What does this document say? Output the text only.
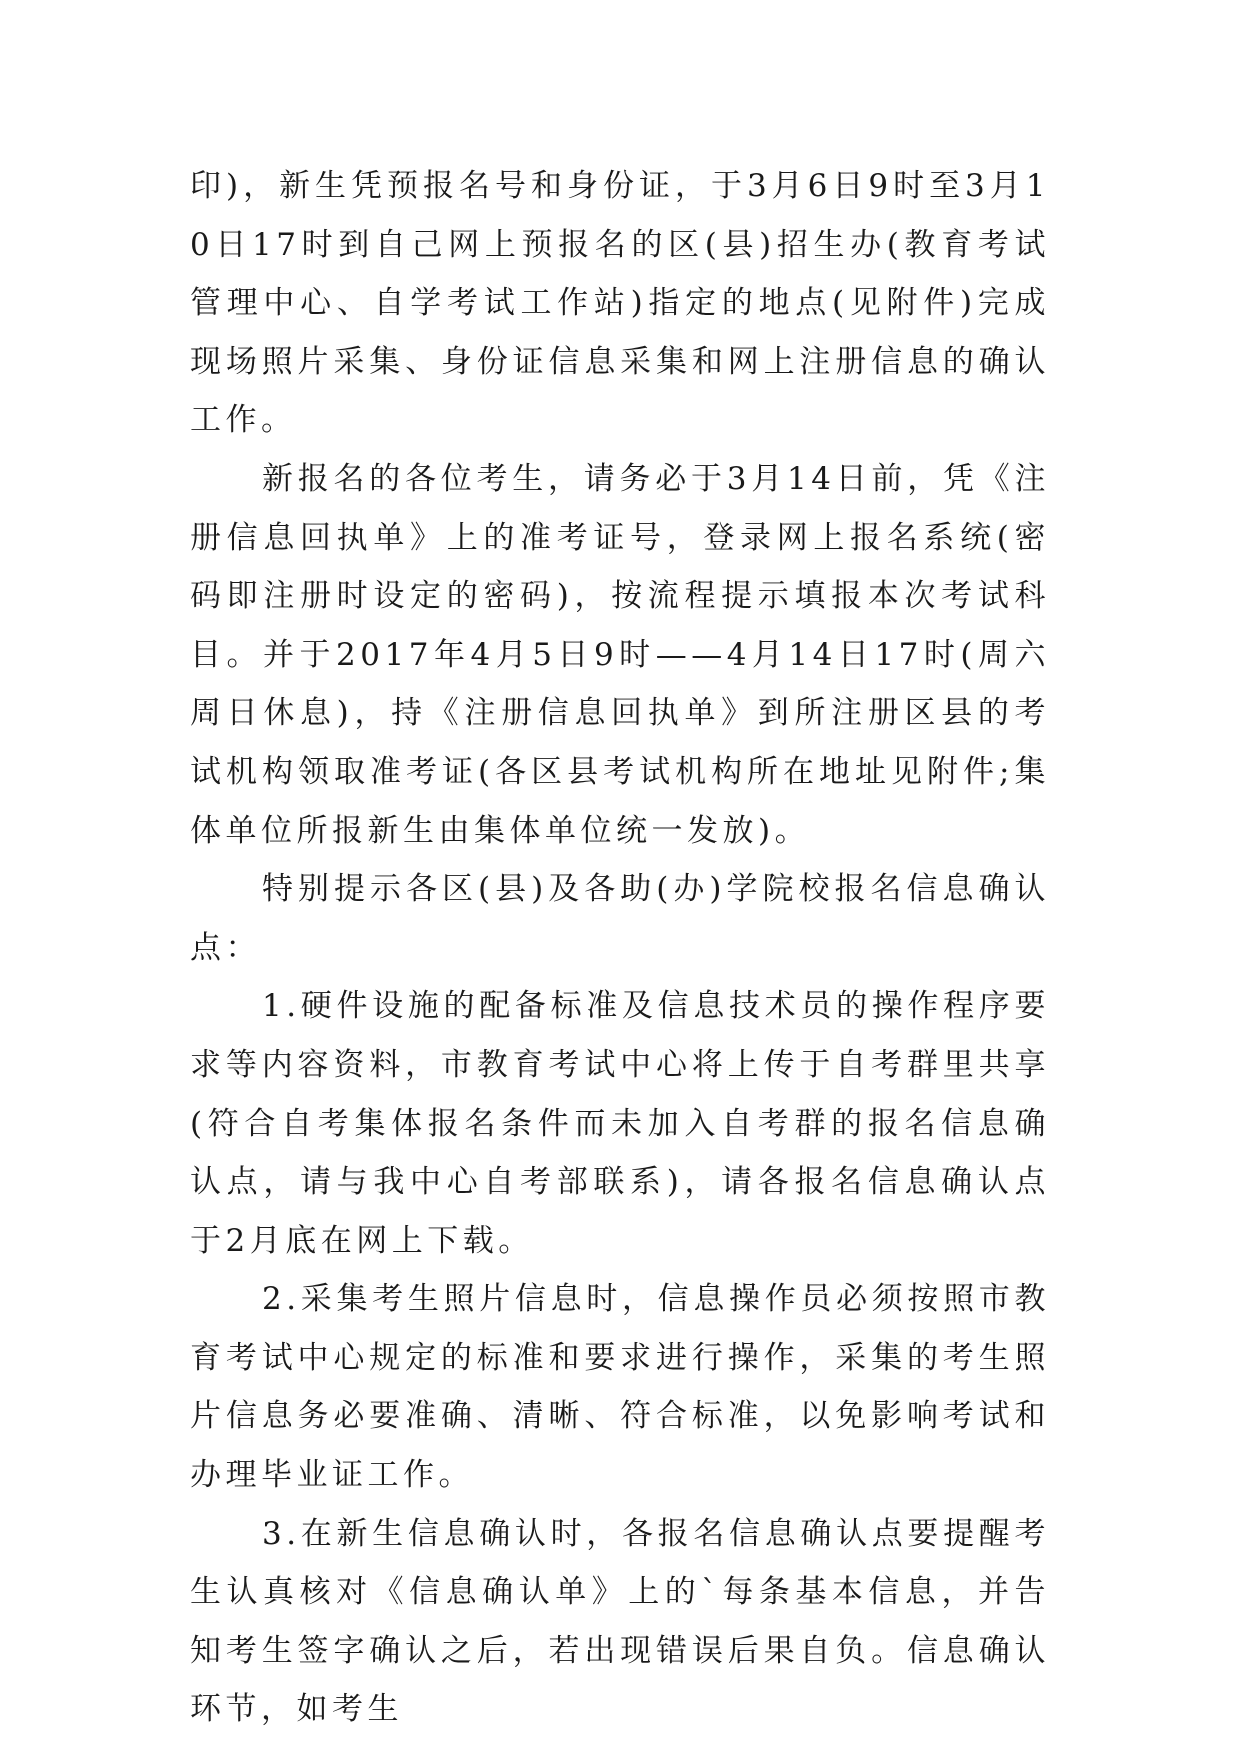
印)，新生凭预报名号和身份证，于3月6日9时至3月10日17时到自己网上预报名的区(县)招生办(教育考试管理中心、自学考试工作站)指定的地点(见附件)完成现场照片采集、身份证信息采集和网上注册信息的确认工作。

新报名的各位考生，请务必于3月14日前，凭《注册信息回执单》上的准考证号，登录网上报名系统(密码即注册时设定的密码)，按流程提示填报本次考试科目。并于2017年4月5日9时——4月14日17时(周六周日休息)，持《注册信息回执单》到所注册区县的考试机构领取准考证(各区县考试机构所在地址见附件;集体单位所报新生由集体单位统一发放)。

特别提示各区(县)及各助(办)学院校报名信息确认点：

1.硬件设施的配备标准及信息技术员的操作程序要求等内容资料，市教育考试中心将上传于自考群里共享(符合自考集体报名条件而未加入自考群的报名信息确认点，请与我中心自考部联系)，请各报名信息确认点于2月底在网上下载。

2.采集考生照片信息时，信息操作员必须按照市教育考试中心规定的标准和要求进行操作，采集的考生照片信息务必要准确、清晰、符合标准，以免影响考试和办理毕业证工作。

3.在新生信息确认时，各报名信息确认点要提醒考生认真核对《信息确认单》上的`每条基本信息，并告知考生签字确认之后，若出现错误后果自负。信息确认环节，如考生
